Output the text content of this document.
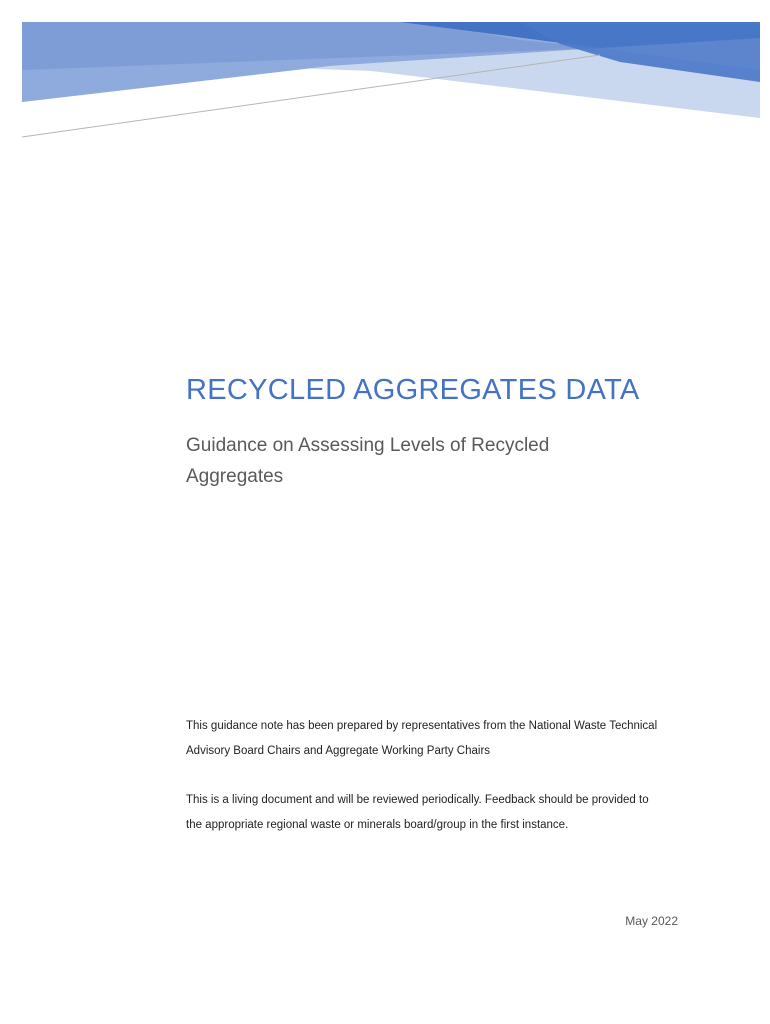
RECYCLED AGGREGATES DATA
Guidance on Assessing Levels of Recycled Aggregates

This guidance note has been prepared by representatives from the National Waste Technical Advisory Board Chairs and Aggregate Working Party Chairs

This is a living document and will be reviewed periodically. Feedback should be provided to the appropriate regional waste or minerals board/group in the first instance.

May 2022
